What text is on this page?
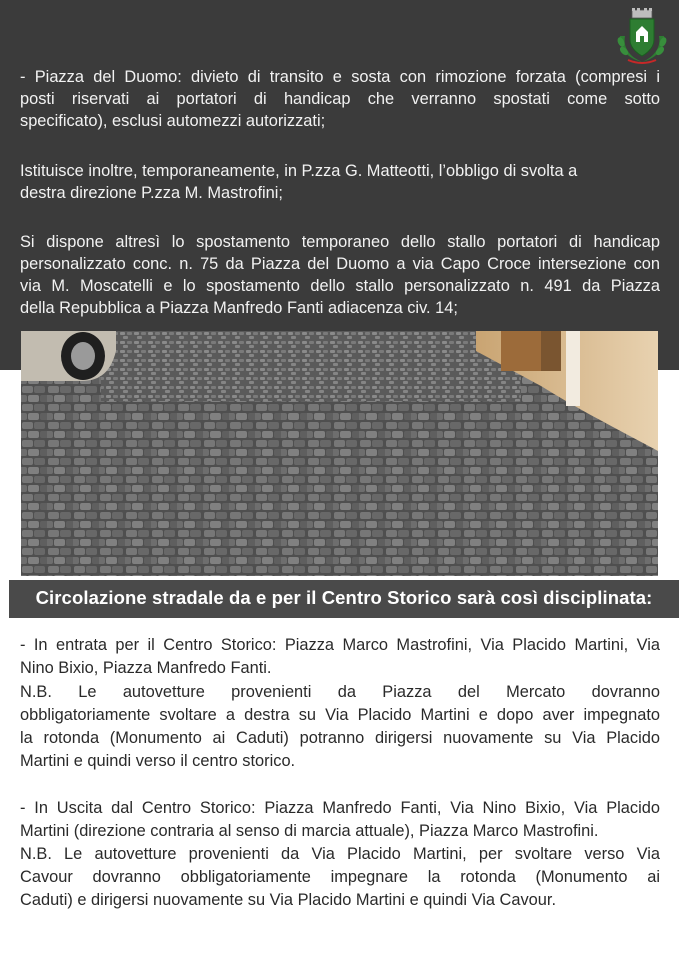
- Piazza del Duomo: divieto di transito e sosta con rimozione forzata (compresi i
posti riservati ai portatori di handicap che verranno spostati come sotto
specificato), esclusi automezzi autorizzati;
Istituisce inoltre, temporaneamente, in P.zza G. Matteotti, l’obbligo di svolta a
destra direzione P.zza M. Mastrofini;
Si dispone altresì lo spostamento temporaneo dello stallo portatori di handicap
personalizzato conc. n. 75 da Piazza del Duomo a via Capo Croce intersezione con
via M. Moscatelli e lo spostamento dello stallo personalizzato n. 491 da Piazza
della Repubblica a Piazza Manfredo Fanti adiacenza civ. 14;
Circolazione stradale da e per il Centro Storico sarà così disciplinata:
- In entrata per il Centro Storico: Piazza Marco Mastrofini, Via Placido Martini, Via
Nino Bixio, Piazza Manfredo Fanti.
N.B. Le autovetture provenienti da Piazza del Mercato dovranno
obbligatoriamente svoltare a destra su Via Placido Martini e dopo aver impegnato
la rotonda (Monumento ai Caduti) potranno dirigersi nuovamente su Via Placido
Martini e quindi verso il centro storico.
- In Uscita dal Centro Storico: Piazza Manfredo Fanti, Via Nino Bixio, Via Placido
Martini (direzione contraria al senso di marcia attuale), Piazza Marco Mastrofini.
N.B. Le autovetture provenienti da Via Placido Martini, per svoltare verso Via
Cavour dovranno obbligatoriamente impegnare la rotonda (Monumento ai
Caduti) e dirigersi nuovamente su Via Placido Martini e quindi Via Cavour.
